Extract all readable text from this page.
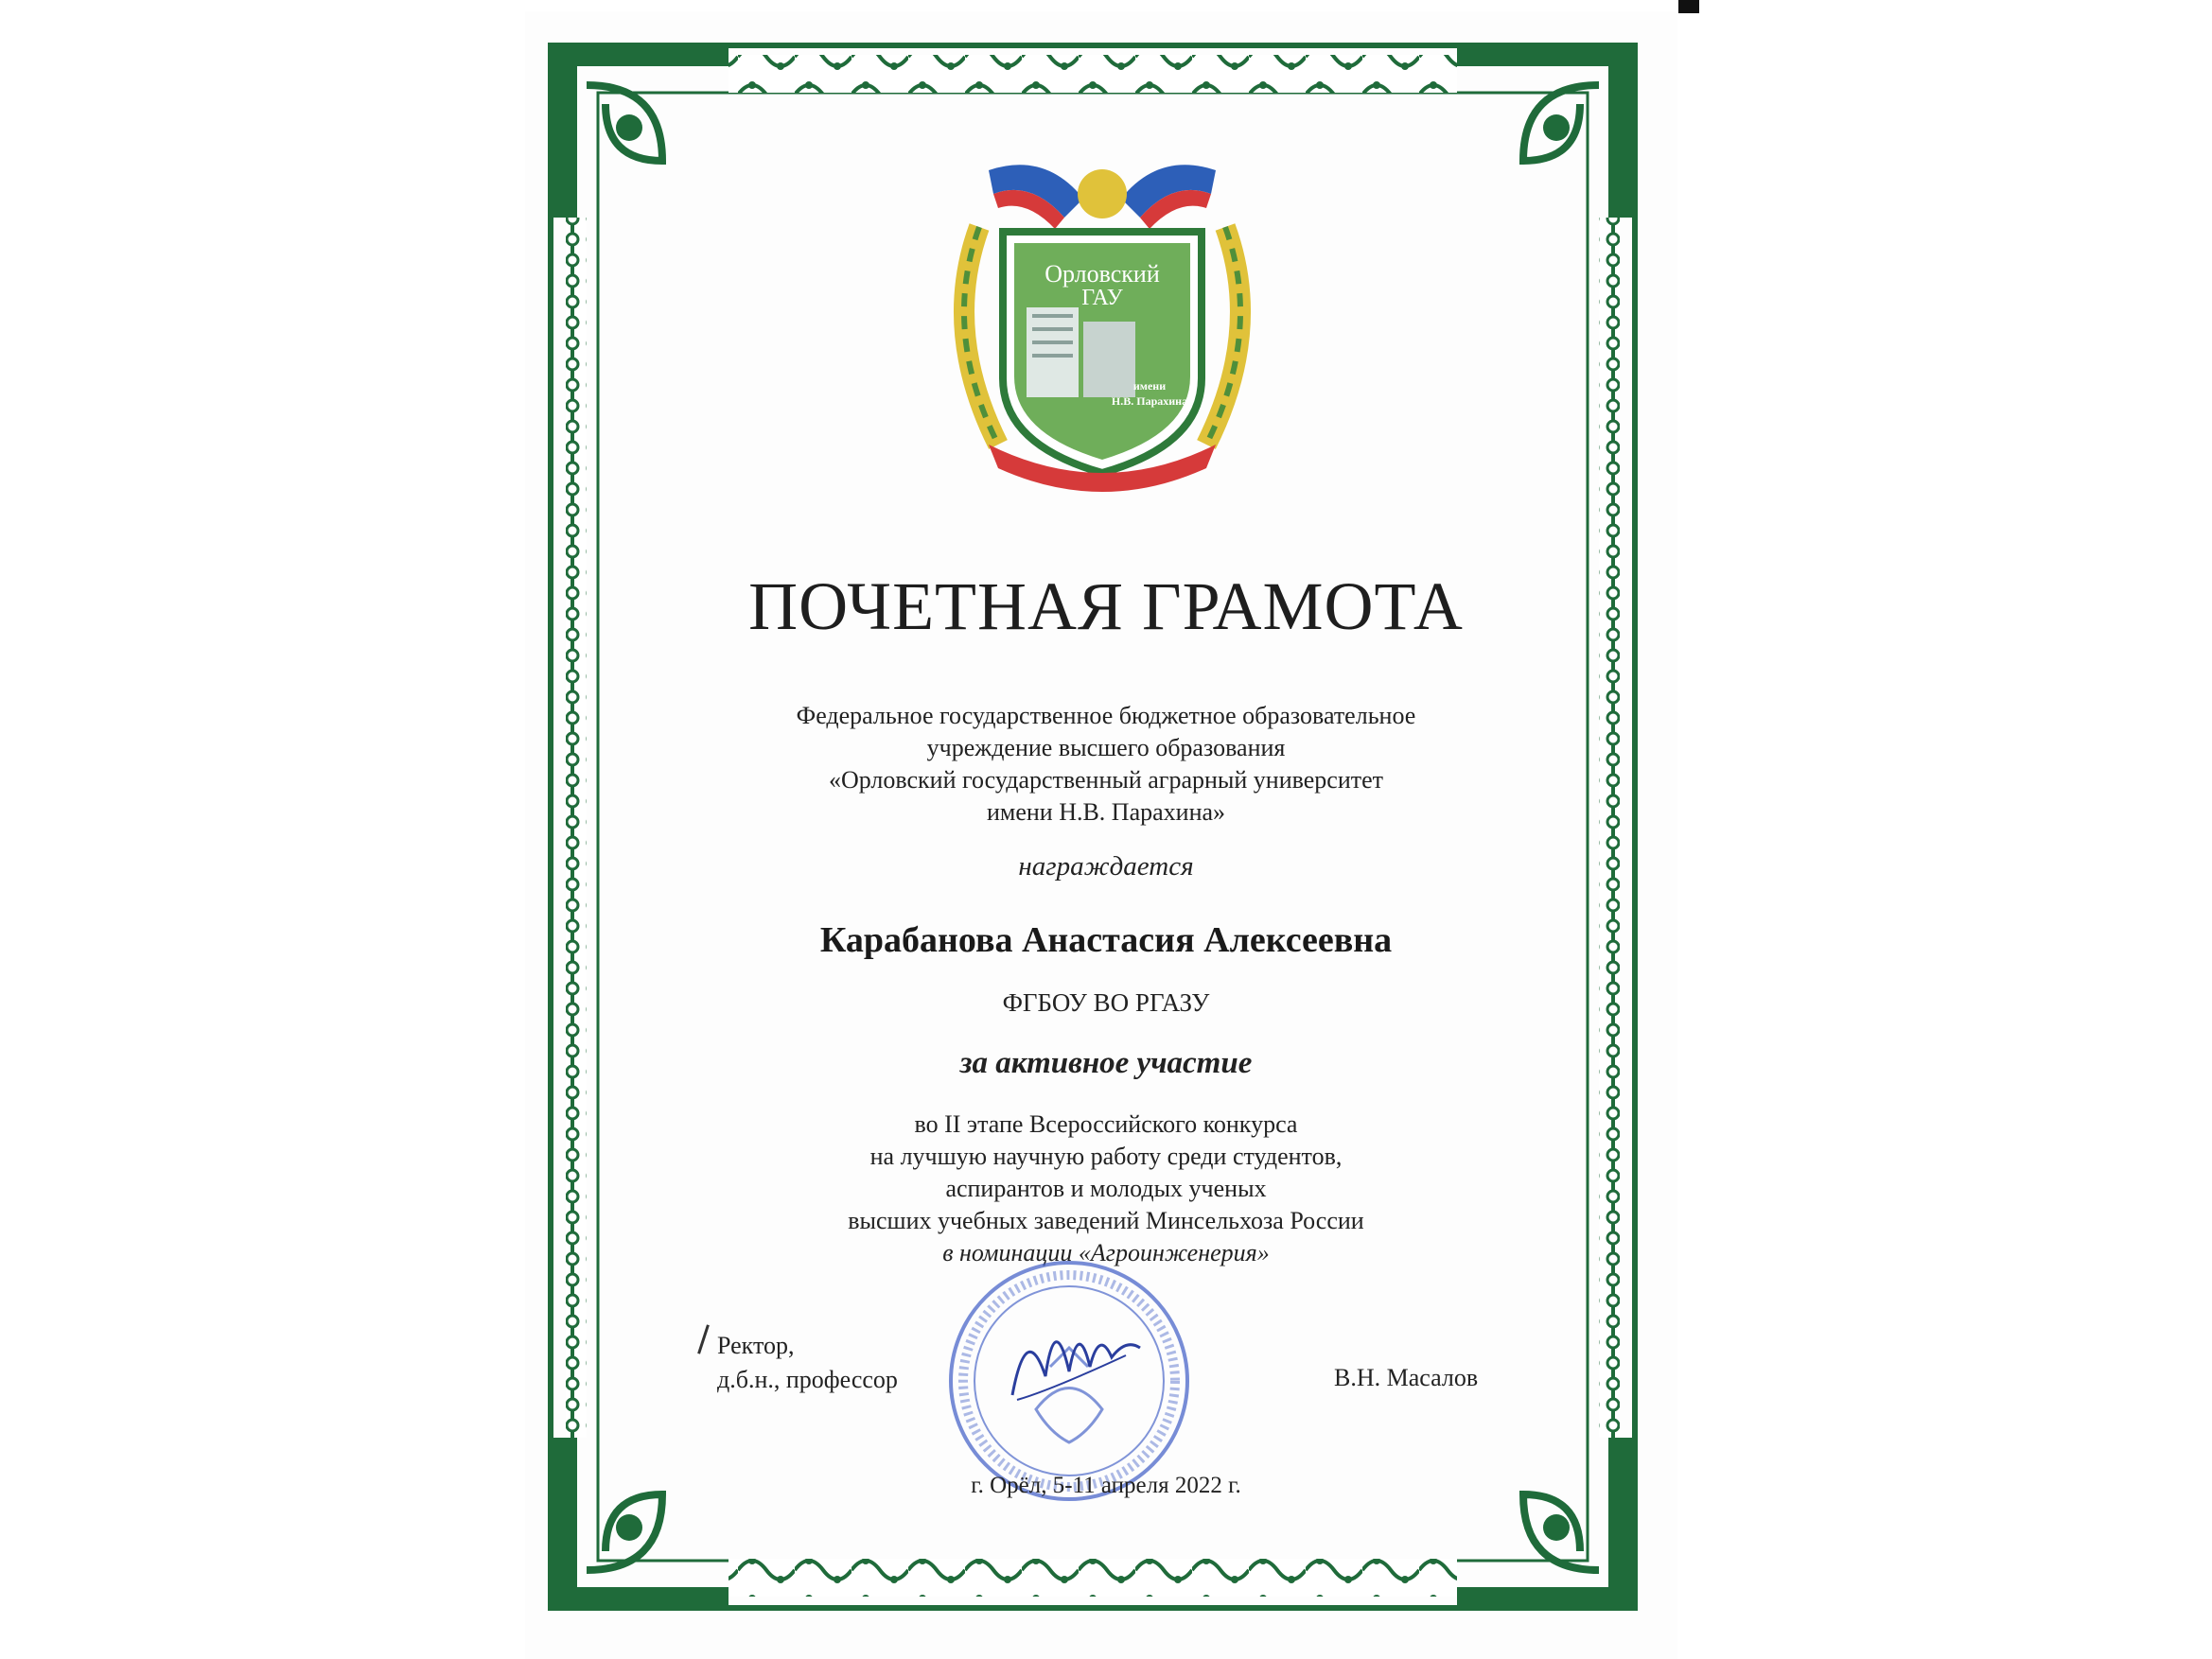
Орловский
ГАУ
имени
Н.В. Парахина
ПОЧЕТНАЯ ГРАМОТА
Федеральное государственное бюджетное образовательное
учреждение высшего образования
«Орловский государственный аграрный университет
имени Н.В. Парахина»
награждается
Карабанова Анастасия Алексеевна
ФГБОУ ВО РГАЗУ
за активное участие
во II этапе Всероссийского конкурса
на лучшую научную работу среди студентов,
аспирантов и молодых ученых
высших учебных заведений Минсельхоза России
в номинации «Агроинженерия»
Ректор,
д.б.н., профессор	В.Н. Масалов
г. Орёл, 5-11 апреля 2022 г.
